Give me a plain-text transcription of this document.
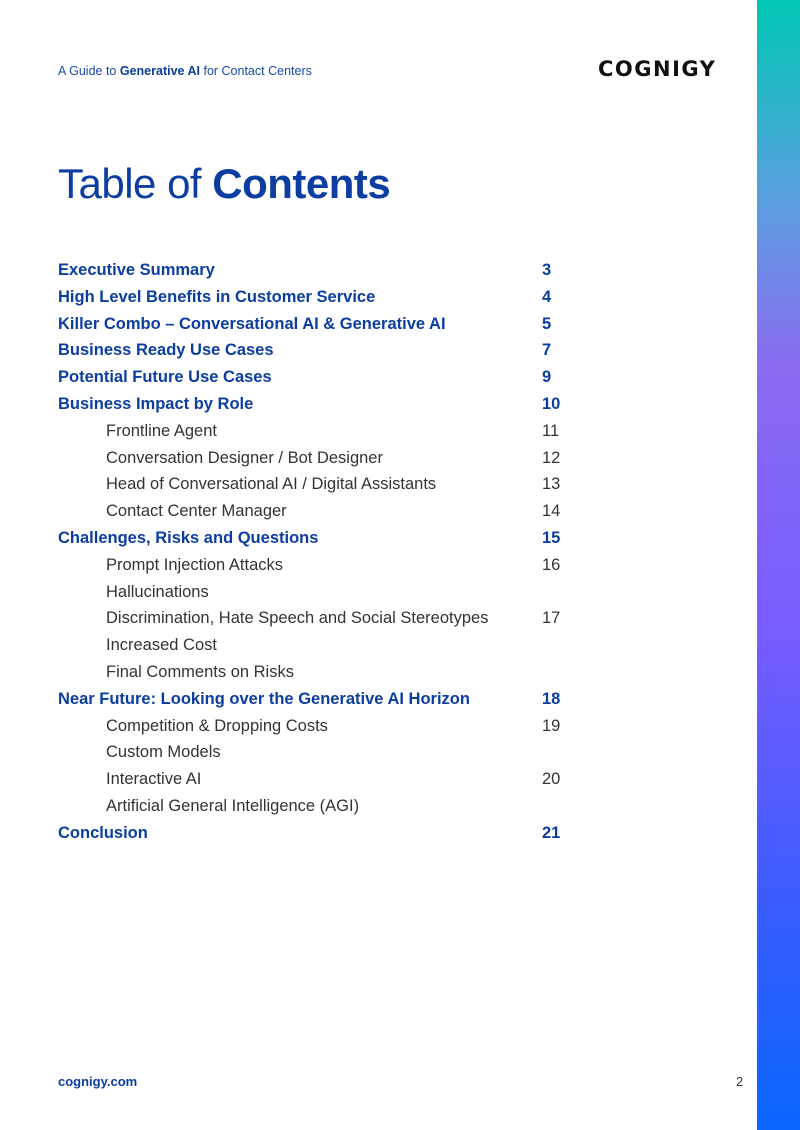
A Guide to Generative AI for Contact Centers	COGNIGY
Table of Contents
Executive Summary	3
High Level Benefits in Customer Service	4
Killer Combo – Conversational AI & Generative AI	5
Business Ready Use Cases	7
Potential Future Use Cases	9
Business Impact by Role	10
Frontline Agent	11
Conversation Designer / Bot Designer	12
Head of Conversational AI / Digital Assistants	13
Contact Center Manager	14
Challenges, Risks and Questions	15
Prompt Injection Attacks	16
Hallucinations
Discrimination, Hate Speech and Social Stereotypes	17
Increased Cost
Final Comments on Risks
Near Future: Looking over the Generative AI Horizon	18
Competition & Dropping Costs	19
Custom Models
Interactive AI	20
Artificial General Intelligence (AGI)
Conclusion	21
cognigy.com	2
